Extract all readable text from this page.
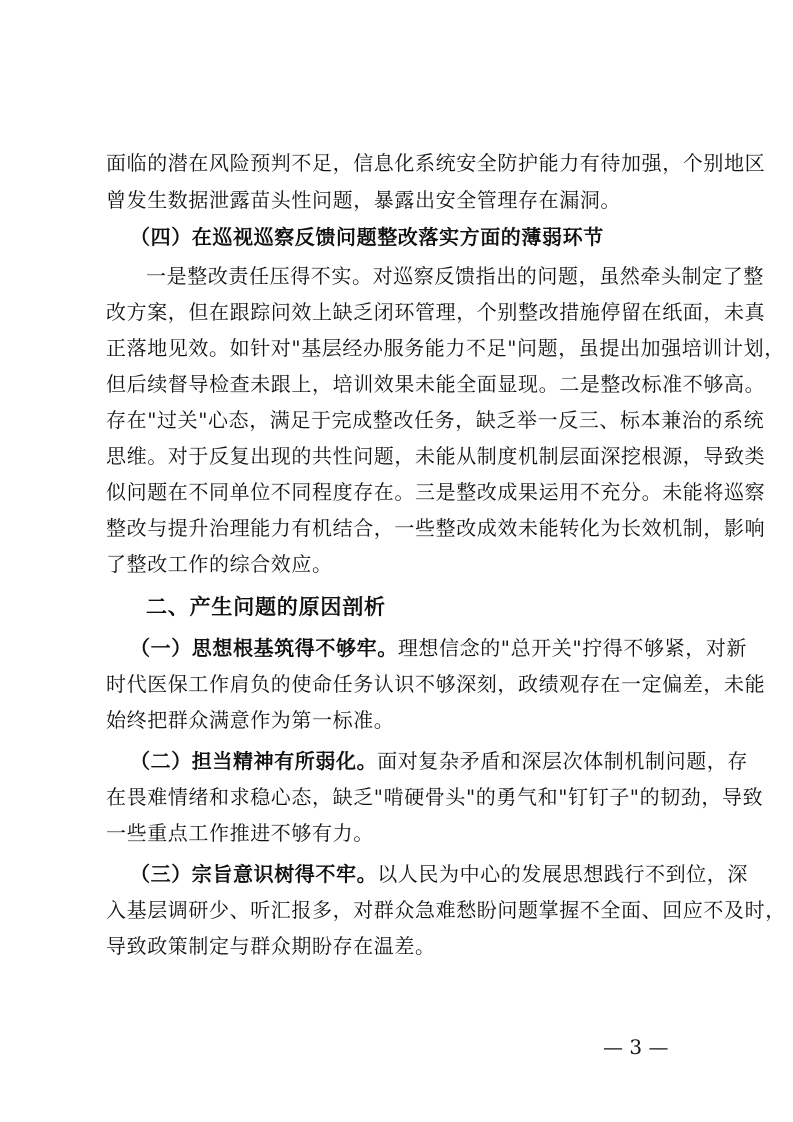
面临的潜在风险预判不足，信息化系统安全防护能力有待加强，个别地区
曾发生数据泄露苗头性问题，暴露出安全管理存在漏洞。
（四）在巡视巡察反馈问题整改落实方面的薄弱环节
一是整改责任压得不实。对巡察反馈指出的问题，虽然牵头制定了整
改方案，但在跟踪问效上缺乏闭环管理，个别整改措施停留在纸面，未真
正落地见效。如针对"基层经办服务能力不足"问题，虽提出加强培训计划，
但后续督导检查未跟上，培训效果未能全面显现。二是整改标准不够高。
存在"过关"心态，满足于完成整改任务，缺乏举一反三、标本兼治的系统
思维。对于反复出现的共性问题，未能从制度机制层面深挖根源，导致类
似问题在不同单位不同程度存在。三是整改成果运用不充分。未能将巡察
整改与提升治理能力有机结合，一些整改成效未能转化为长效机制，影响
了整改工作的综合效应。
二、产生问题的原因剖析
（一）思想根基筑得不够牢。理想信念的"总开关"拧得不够紧，对新
时代医保工作肩负的使命任务认识不够深刻，政绩观存在一定偏差，未能
始终把群众满意作为第一标准。
（二）担当精神有所弱化。面对复杂矛盾和深层次体制机制问题，存
在畏难情绪和求稳心态，缺乏"啃硬骨头"的勇气和"钉钉子"的韧劲，导致
一些重点工作推进不够有力。
（三）宗旨意识树得不牢。以人民为中心的发展思想践行不到位，深
入基层调研少、听汇报多，对群众急难愁盼问题掌握不全面、回应不及时，
导致政策制定与群众期盼存在温差。
— 3 —
